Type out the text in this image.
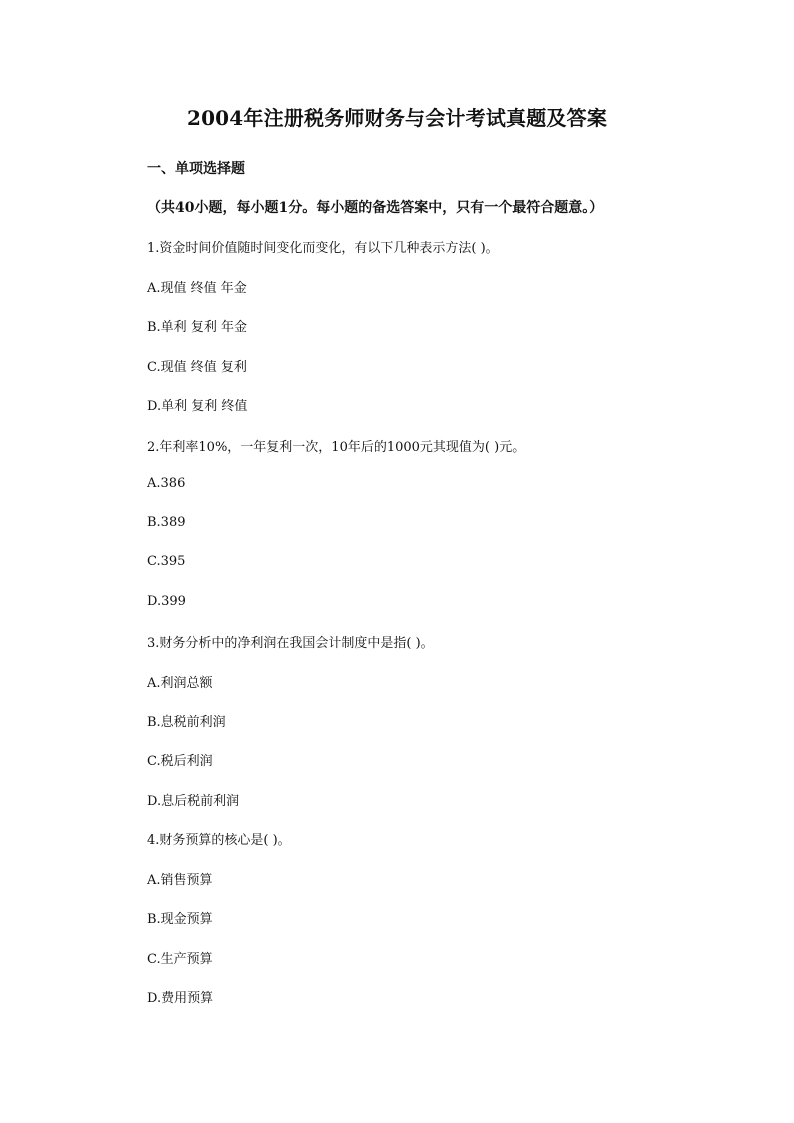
2004年注册税务师财务与会计考试真题及答案

一、单项选择题

（共40小题，每小题1分。每小题的备选答案中，只有一个最符合题意。）

1.资金时间价值随时间变化而变化，有以下几种表示方法( )。

A.现值 终值 年金

B.单利 复利 年金

C.现值 终值 复利

D.单利 复利 终值

2.年利率10%，一年复利一次，10年后的1000元其现值为( )元。

A.386

B.389

C.395

D.399

3.财务分析中的净利润在我国会计制度中是指( )。

A.利润总额

B.息税前利润

C.税后利润

D.息后税前利润

4.财务预算的核心是( )。

A.销售预算

B.现金预算

C.生产预算

D.费用预算
